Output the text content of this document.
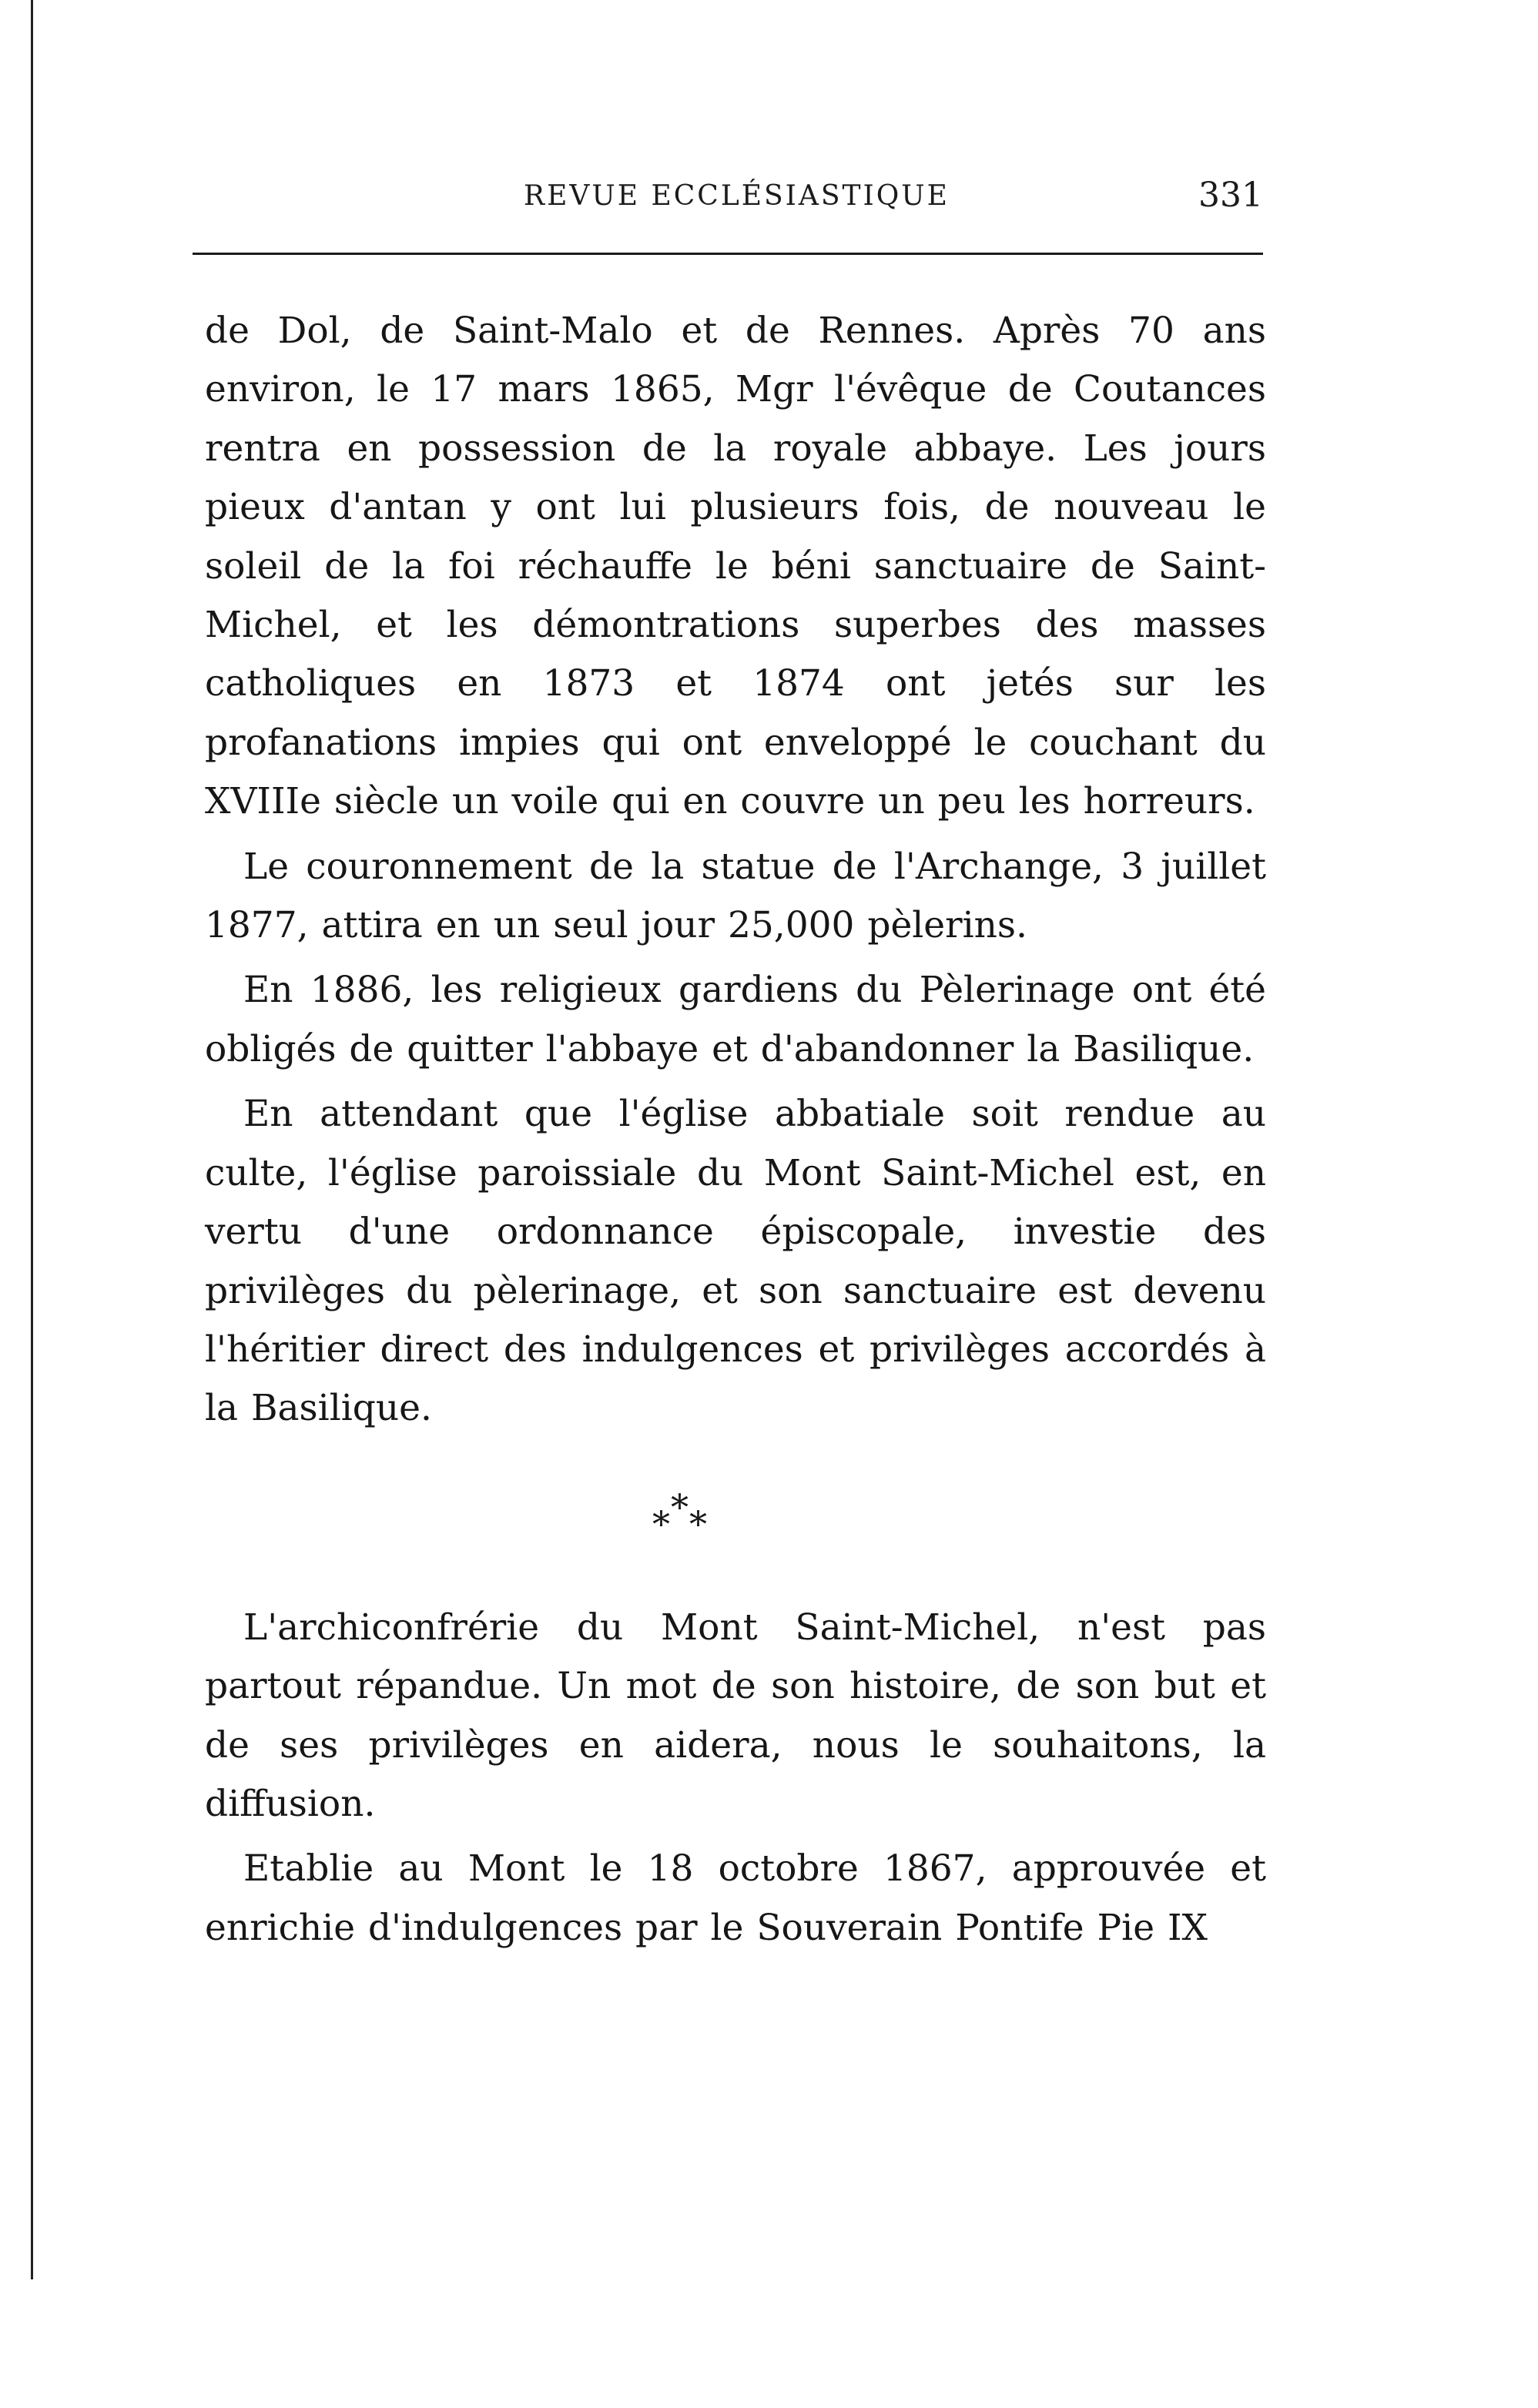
REVUE ECCLÉSIASTIQUE	331

de Dol, de Saint-Malo et de Rennes. Après 70 ans environ, le 17 mars 1865, Mgr l'évêque de Coutances rentra en possession de la royale abbaye. Les jours pieux d'antan y ont lui plusieurs fois, de nouveau le soleil de la foi réchauffe le béni sanctuaire de Saint-Michel, et les démontrations superbes des masses catholiques en 1873 et 1874 ont jetés sur les profanations impies qui ont enveloppé le couchant du XVIIIe siècle un voile qui en couvre un peu les horreurs.

Le couronnement de la statue de l'Archange, 3 juillet 1877, attira en un seul jour 25,000 pèlerins.

En 1886, les religieux gardiens du Pèlerinage ont été obligés de quitter l'abbaye et d'abandonner la Basilique.

En attendant que l'église abbatiale soit rendue au culte, l'église paroissiale du Mont Saint-Michel est, en vertu d'une ordonnance épiscopale, investie des privilèges du pèlerinage, et son sanctuaire est devenu l'héritier direct des indulgences et privilèges accordés à la Basilique.

*
* *

L'archiconfrérie du Mont Saint-Michel, n'est pas partout répandue. Un mot de son histoire, de son but et de ses privilèges en aidera, nous le souhaitons, la diffusion.

Etablie au Mont le 18 octobre 1867, approuvée et enrichie d'indulgences par le Souverain Pontife Pie IX
